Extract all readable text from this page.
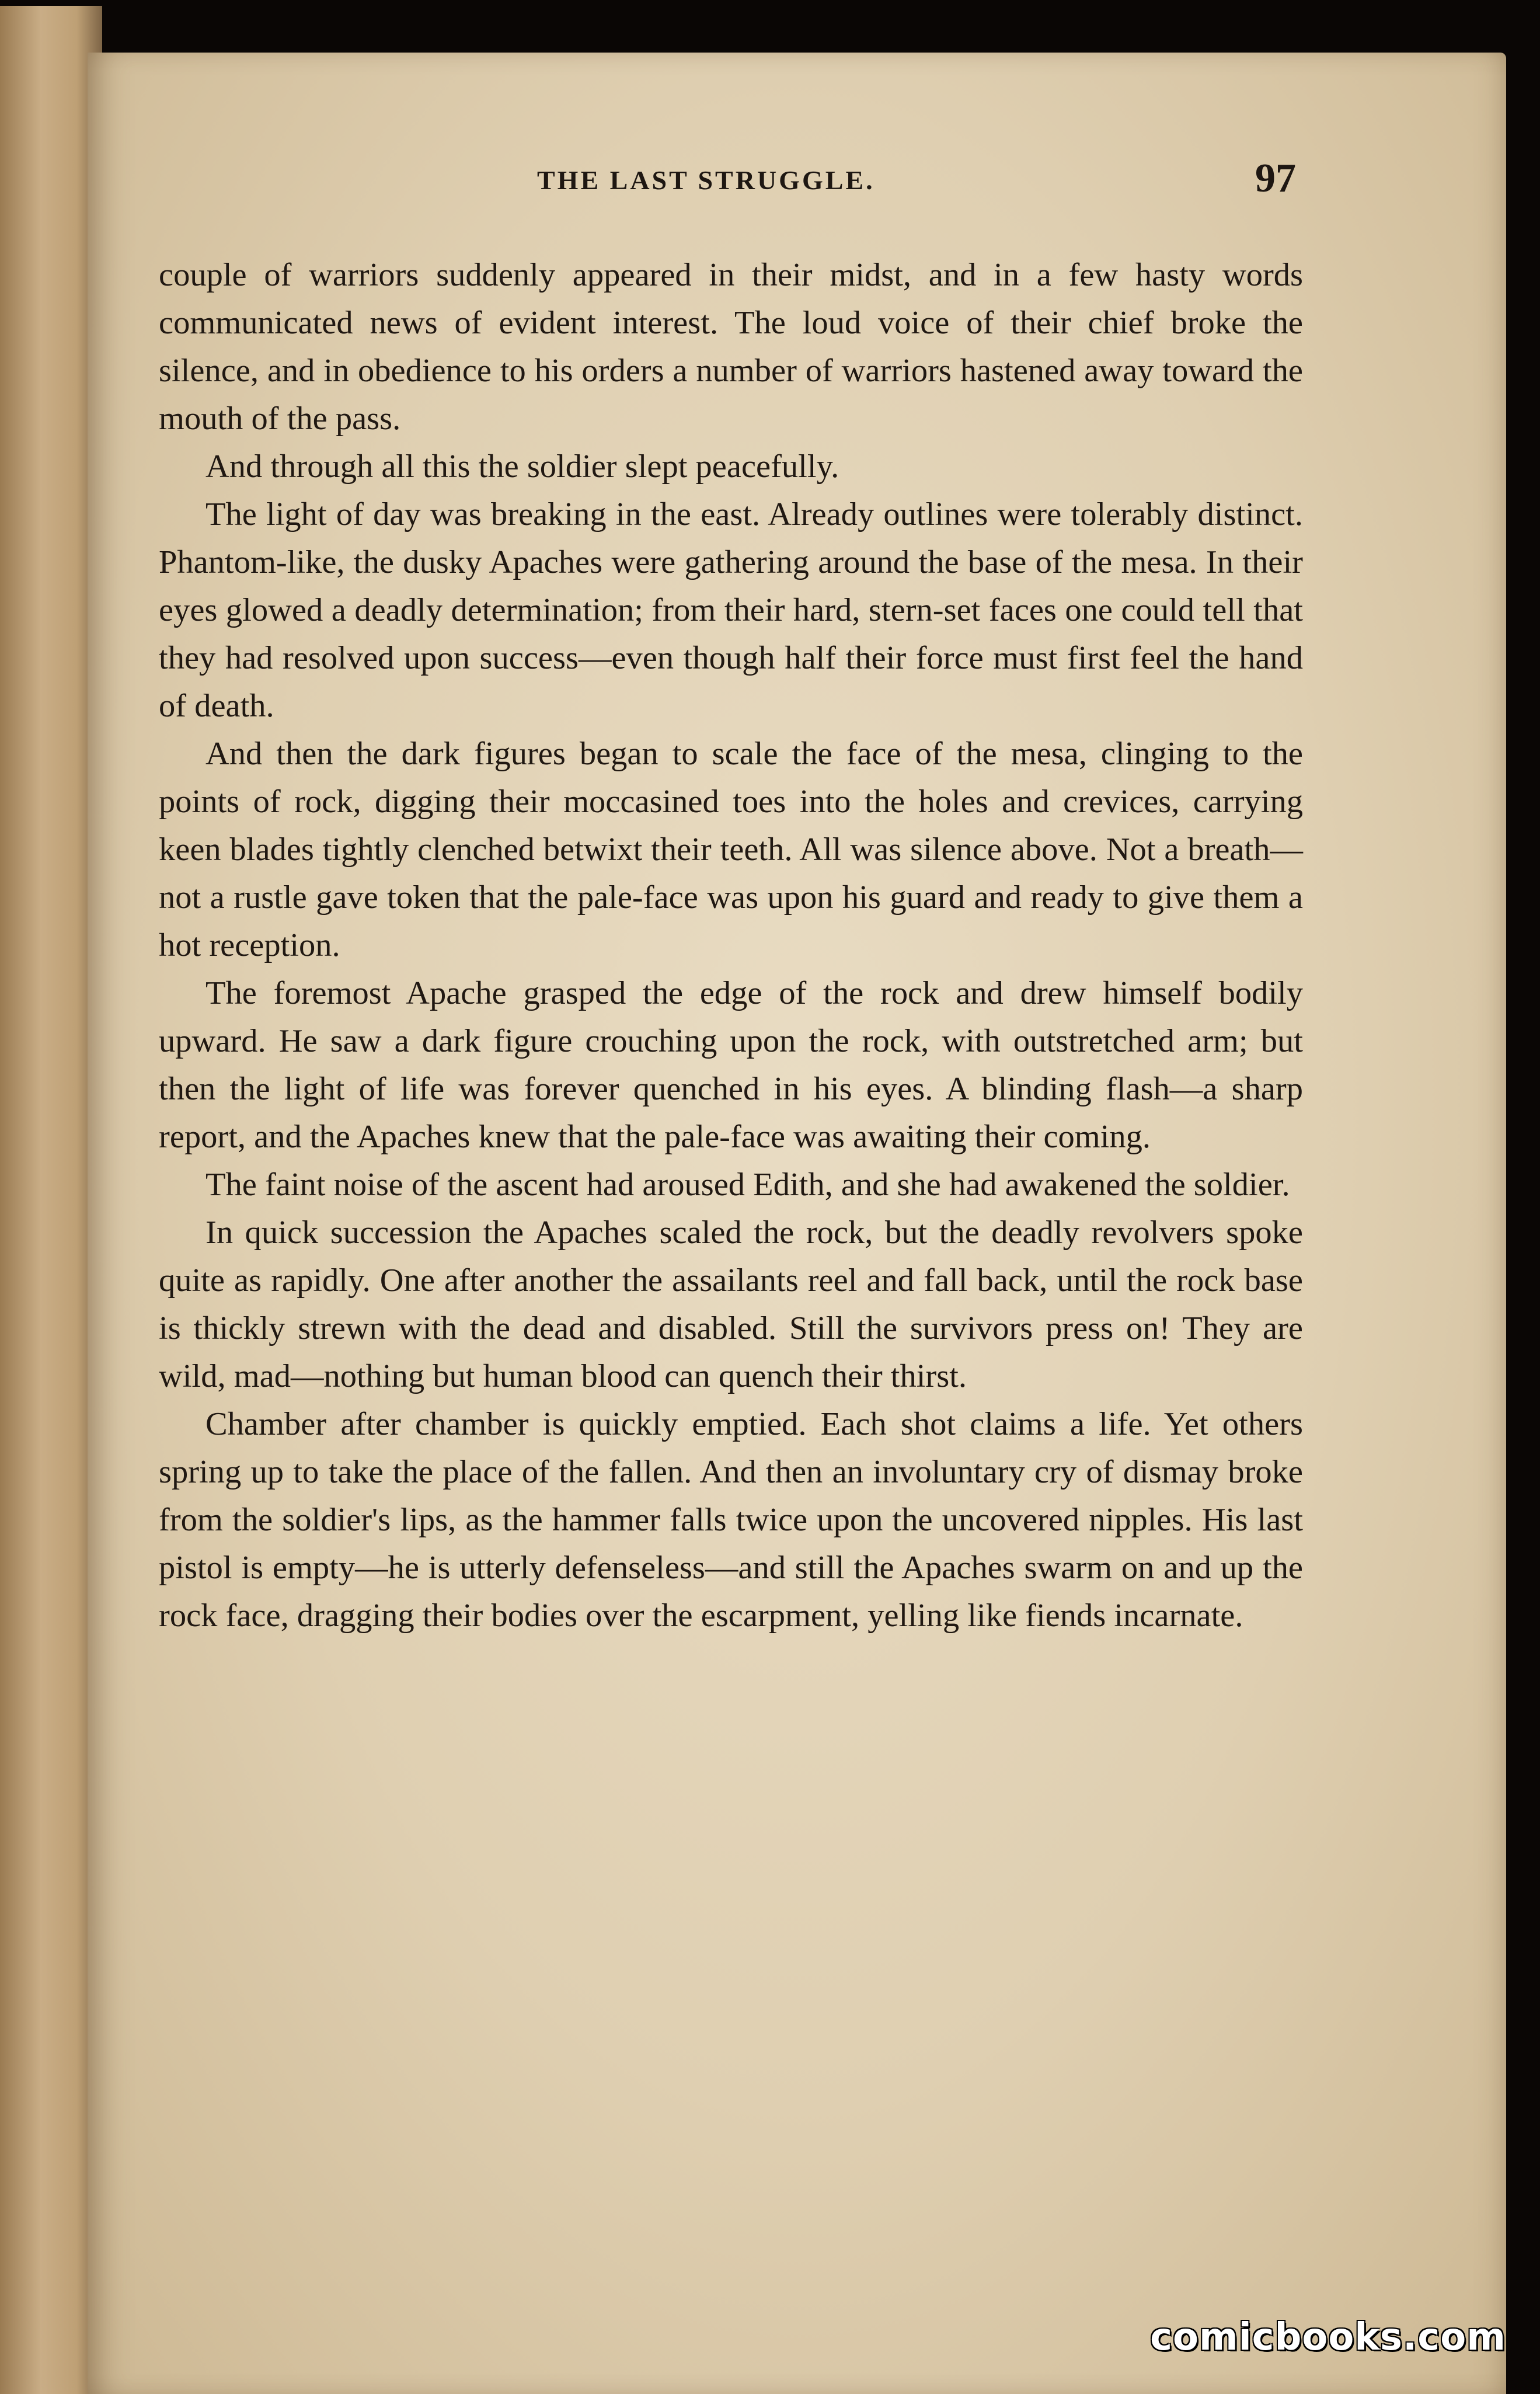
THE LAST STRUGGLE.	97

couple of warriors suddenly appeared in their midst, and in a few hasty words communicated news of evident interest. The loud voice of their chief broke the silence, and in obedience to his orders a number of warriors hastened away toward the mouth of the pass.

And through all this the soldier slept peacefully.

The light of day was breaking in the east. Already outlines were tolerably distinct. Phantom-like, the dusky Apaches were gathering around the base of the mesa. In their eyes glowed a deadly determination; from their hard, stern-set faces one could tell that they had resolved upon success—even though half their force must first feel the hand of death.

And then the dark figures began to scale the face of the mesa, clinging to the points of rock, digging their moccasined toes into the holes and crevices, carrying keen blades tightly clenched betwixt their teeth. All was silence above. Not a breath—not a rustle gave token that the pale-face was upon his guard and ready to give them a hot reception.

The foremost Apache grasped the edge of the rock and drew himself bodily upward. He saw a dark figure crouching upon the rock, with outstretched arm; but then the light of life was forever quenched in his eyes. A blinding flash—a sharp report, and the Apaches knew that the pale-face was awaiting their coming.

The faint noise of the ascent had aroused Edith, and she had awakened the soldier.

In quick succession the Apaches scaled the rock, but the deadly revolvers spoke quite as rapidly. One after another the assailants reel and fall back, until the rock base is thickly strewn with the dead and disabled. Still the survivors press on! They are wild, mad—nothing but human blood can quench their thirst.

Chamber after chamber is quickly emptied. Each shot claims a life. Yet others spring up to take the place of the fallen. And then an involuntary cry of dismay broke from the soldier's lips, as the hammer falls twice upon the uncovered nipples. His last pistol is empty—he is utterly defenseless—and still the Apaches swarm on and up the rock face, dragging their bodies over the escarpment, yelling like fiends incarnate.

comicbooks.com
